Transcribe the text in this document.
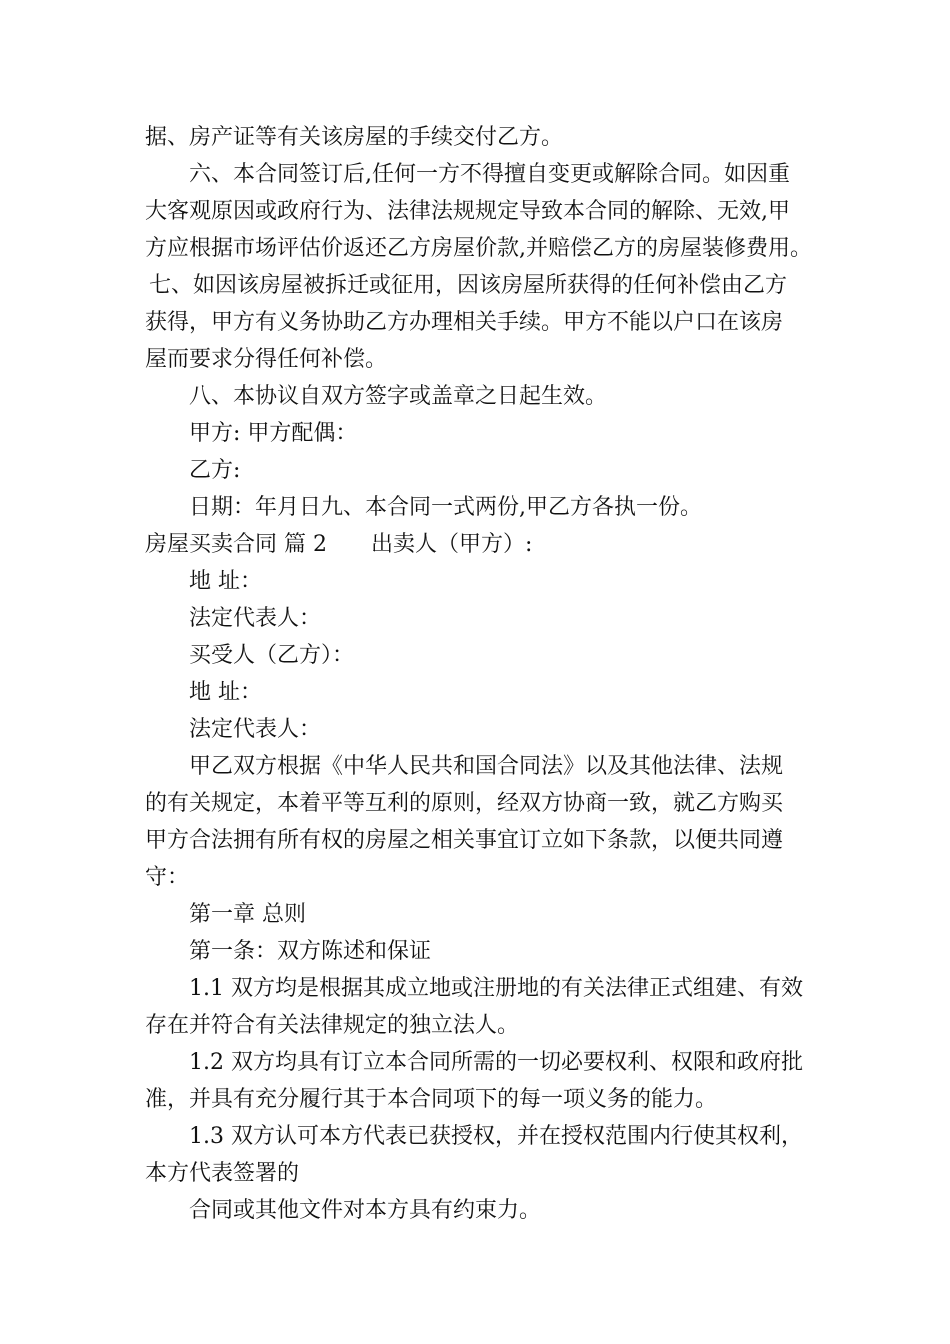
据、房产证等有关该房屋的手续交付乙方。
六、本合同签订后,任何一方不得擅自变更或解除合同。如因重
大客观原因或政府行为、法律法规规定导致本合同的解除、无效,甲
方应根据市场评估价返还乙方房屋价款,并赔偿乙方的房屋装修费用。
七、如因该房屋被拆迁或征用，因该房屋所获得的任何补偿由乙方
获得，甲方有义务协助乙方办理相关手续。甲方不能以户口在该房
屋而要求分得任何补偿。
八、本协议自双方签字或盖章之日起生效。
甲方: 甲方配偶：
乙方:
日期：年月日九、本合同一式两份,甲乙方各执一份。
房屋买卖合同 篇 2 出卖人（甲方）:
地 址：
法定代表人：
买受人（乙方）：
地 址：
法定代表人：
甲乙双方根据《中华人民共和国合同法》以及其他法律、法规
的有关规定，本着平等互利的原则，经双方协商一致，就乙方购买
甲方合法拥有所有权的房屋之相关事宜订立如下条款，以便共同遵
守：
第一章 总则
第一条：双方陈述和保证
1.1 双方均是根据其成立地或注册地的有关法律正式组建、有效
存在并符合有关法律规定的独立法人。
1.2 双方均具有订立本合同所需的一切必要权利、权限和政府批
准，并具有充分履行其于本合同项下的每一项义务的能力。
1.3 双方认可本方代表已获授权，并在授权范围内行使其权利，
本方代表签署的
合同或其他文件对本方具有约束力。
